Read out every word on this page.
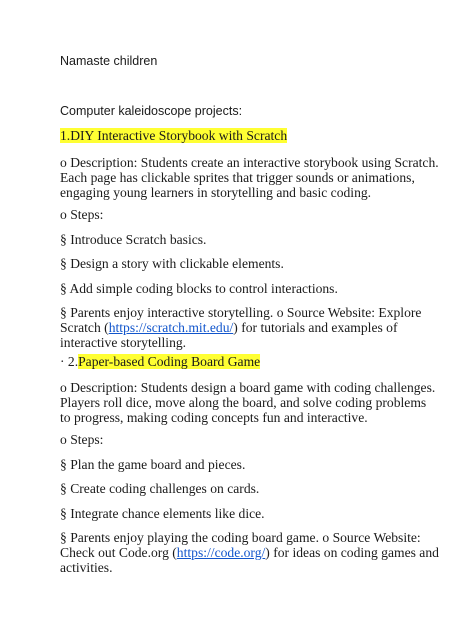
Namaste children
Computer kaleidoscope projects:
1.DIY Interactive Storybook with Scratch
o Description: Students create an interactive storybook using Scratch. Each page has clickable sprites that trigger sounds or animations, engaging young learners in storytelling and basic coding.
o Steps:
§ Introduce Scratch basics.
§ Design a story with clickable elements.
§ Add simple coding blocks to control interactions.
§ Parents enjoy interactive storytelling. o Source Website: Explore Scratch (https://scratch.mit.edu/) for tutorials and examples of interactive storytelling.
· 2.Paper-based Coding Board Game
o Description: Students design a board game with coding challenges. Players roll dice, move along the board, and solve coding problems to progress, making coding concepts fun and interactive.
o Steps:
§ Plan the game board and pieces.
§ Create coding challenges on cards.
§ Integrate chance elements like dice.
§ Parents enjoy playing the coding board game. o Source Website: Check out Code.org (https://code.org/) for ideas on coding games and activities.
